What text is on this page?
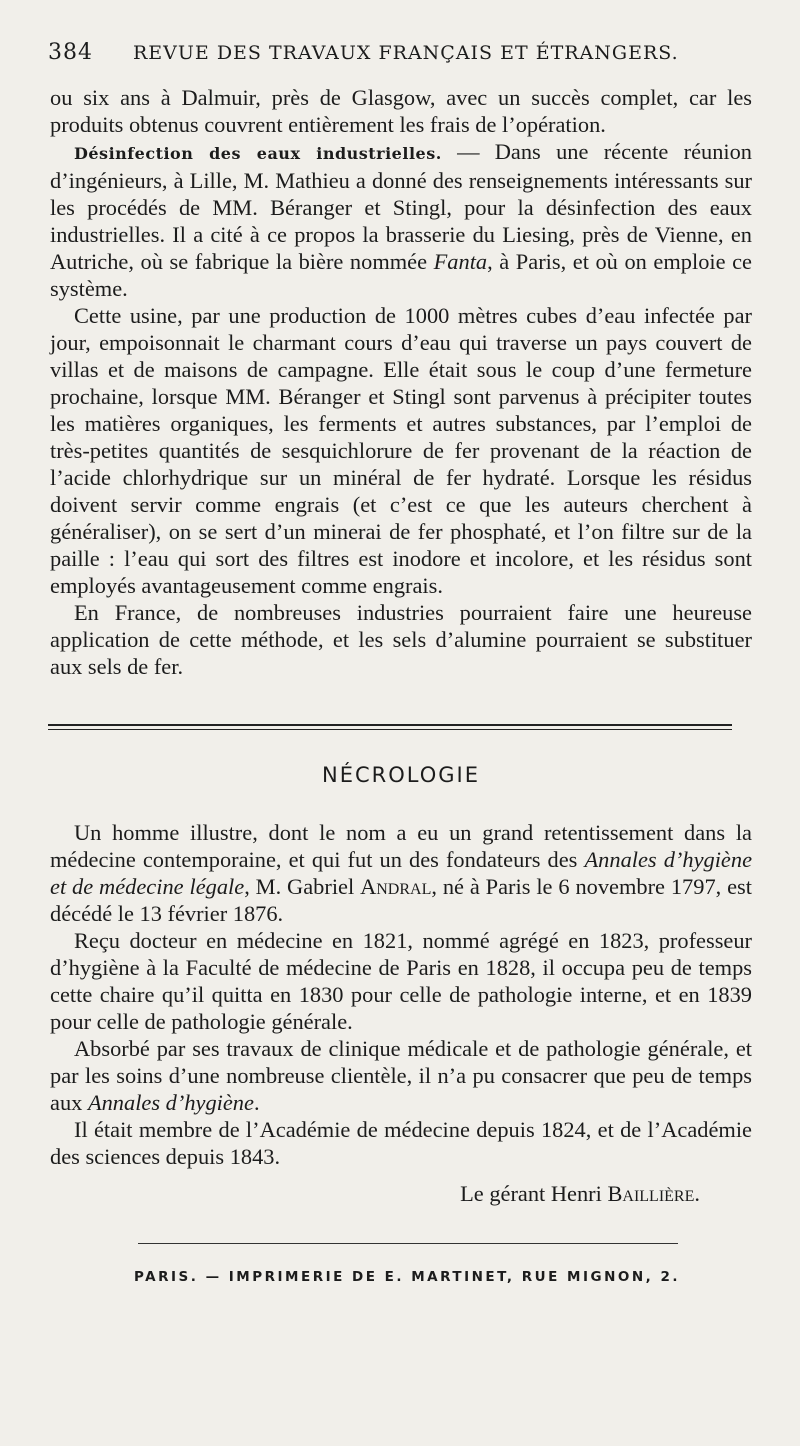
384 REVUE DES TRAVAUX FRANÇAIS ET ÉTRANGERS.

ou six ans à Dalmuir, près de Glasgow, avec un succès complet, car les produits obtenus couvrent entièrement les frais de l’opération.

Désinfection des eaux industrielles. — Dans une récente réunion d’ingénieurs, à Lille, M. Mathieu a donné des renseignements intéressants sur les procédés de MM. Béranger et Stingl, pour la désinfection des eaux industrielles. Il a cité à ce propos la brasserie du Liesing, près de Vienne, en Autriche, où se fabrique la bière nommée Fanta, à Paris, et où on emploie ce système.

Cette usine, par une production de 1000 mètres cubes d’eau infectée par jour, empoisonnait le charmant cours d’eau qui traverse un pays couvert de villas et de maisons de campagne. Elle était sous le coup d’une fermeture prochaine, lorsque MM. Béranger et Stingl sont parvenus à précipiter toutes les matières organiques, les ferments et autres substances, par l’emploi de très-petites quantités de sesquichlorure de fer provenant de la réaction de l’acide chlorhydrique sur un minéral de fer hydraté. Lorsque les résidus doivent servir comme engrais (et c’est ce que les auteurs cherchent à généraliser), on se sert d’un minerai de fer phosphaté, et l’on filtre sur de la paille : l’eau qui sort des filtres est inodore et incolore, et les résidus sont employés avantageusement comme engrais.

En France, de nombreuses industries pourraient faire une heureuse application de cette méthode, et les sels d’alumine pourraient se substituer aux sels de fer.

NÉCROLOGIE

Un homme illustre, dont le nom a eu un grand retentissement dans la médecine contemporaine, et qui fut un des fondateurs des Annales d’hygiène et de médecine légale, M. Gabriel Andral, né à Paris le 6 novembre 1797, est décédé le 13 février 1876.

Reçu docteur en médecine en 1821, nommé agrégé en 1823, professeur d’hygiène à la Faculté de médecine de Paris en 1828, il occupa peu de temps cette chaire qu’il quitta en 1830 pour celle de pathologie interne, et en 1839 pour celle de pathologie générale.

Absorbé par ses travaux de clinique médicale et de pathologie générale, et par les soins d’une nombreuse clientèle, il n’a pu consacrer que peu de temps aux Annales d’hygiène.

Il était membre de l’Académie de médecine depuis 1824, et de l’Académie des sciences depuis 1843.

Le gérant Henri Baillière.
PARIS. — IMPRIMERIE DE E. MARTINET, RUE MIGNON, 2.
